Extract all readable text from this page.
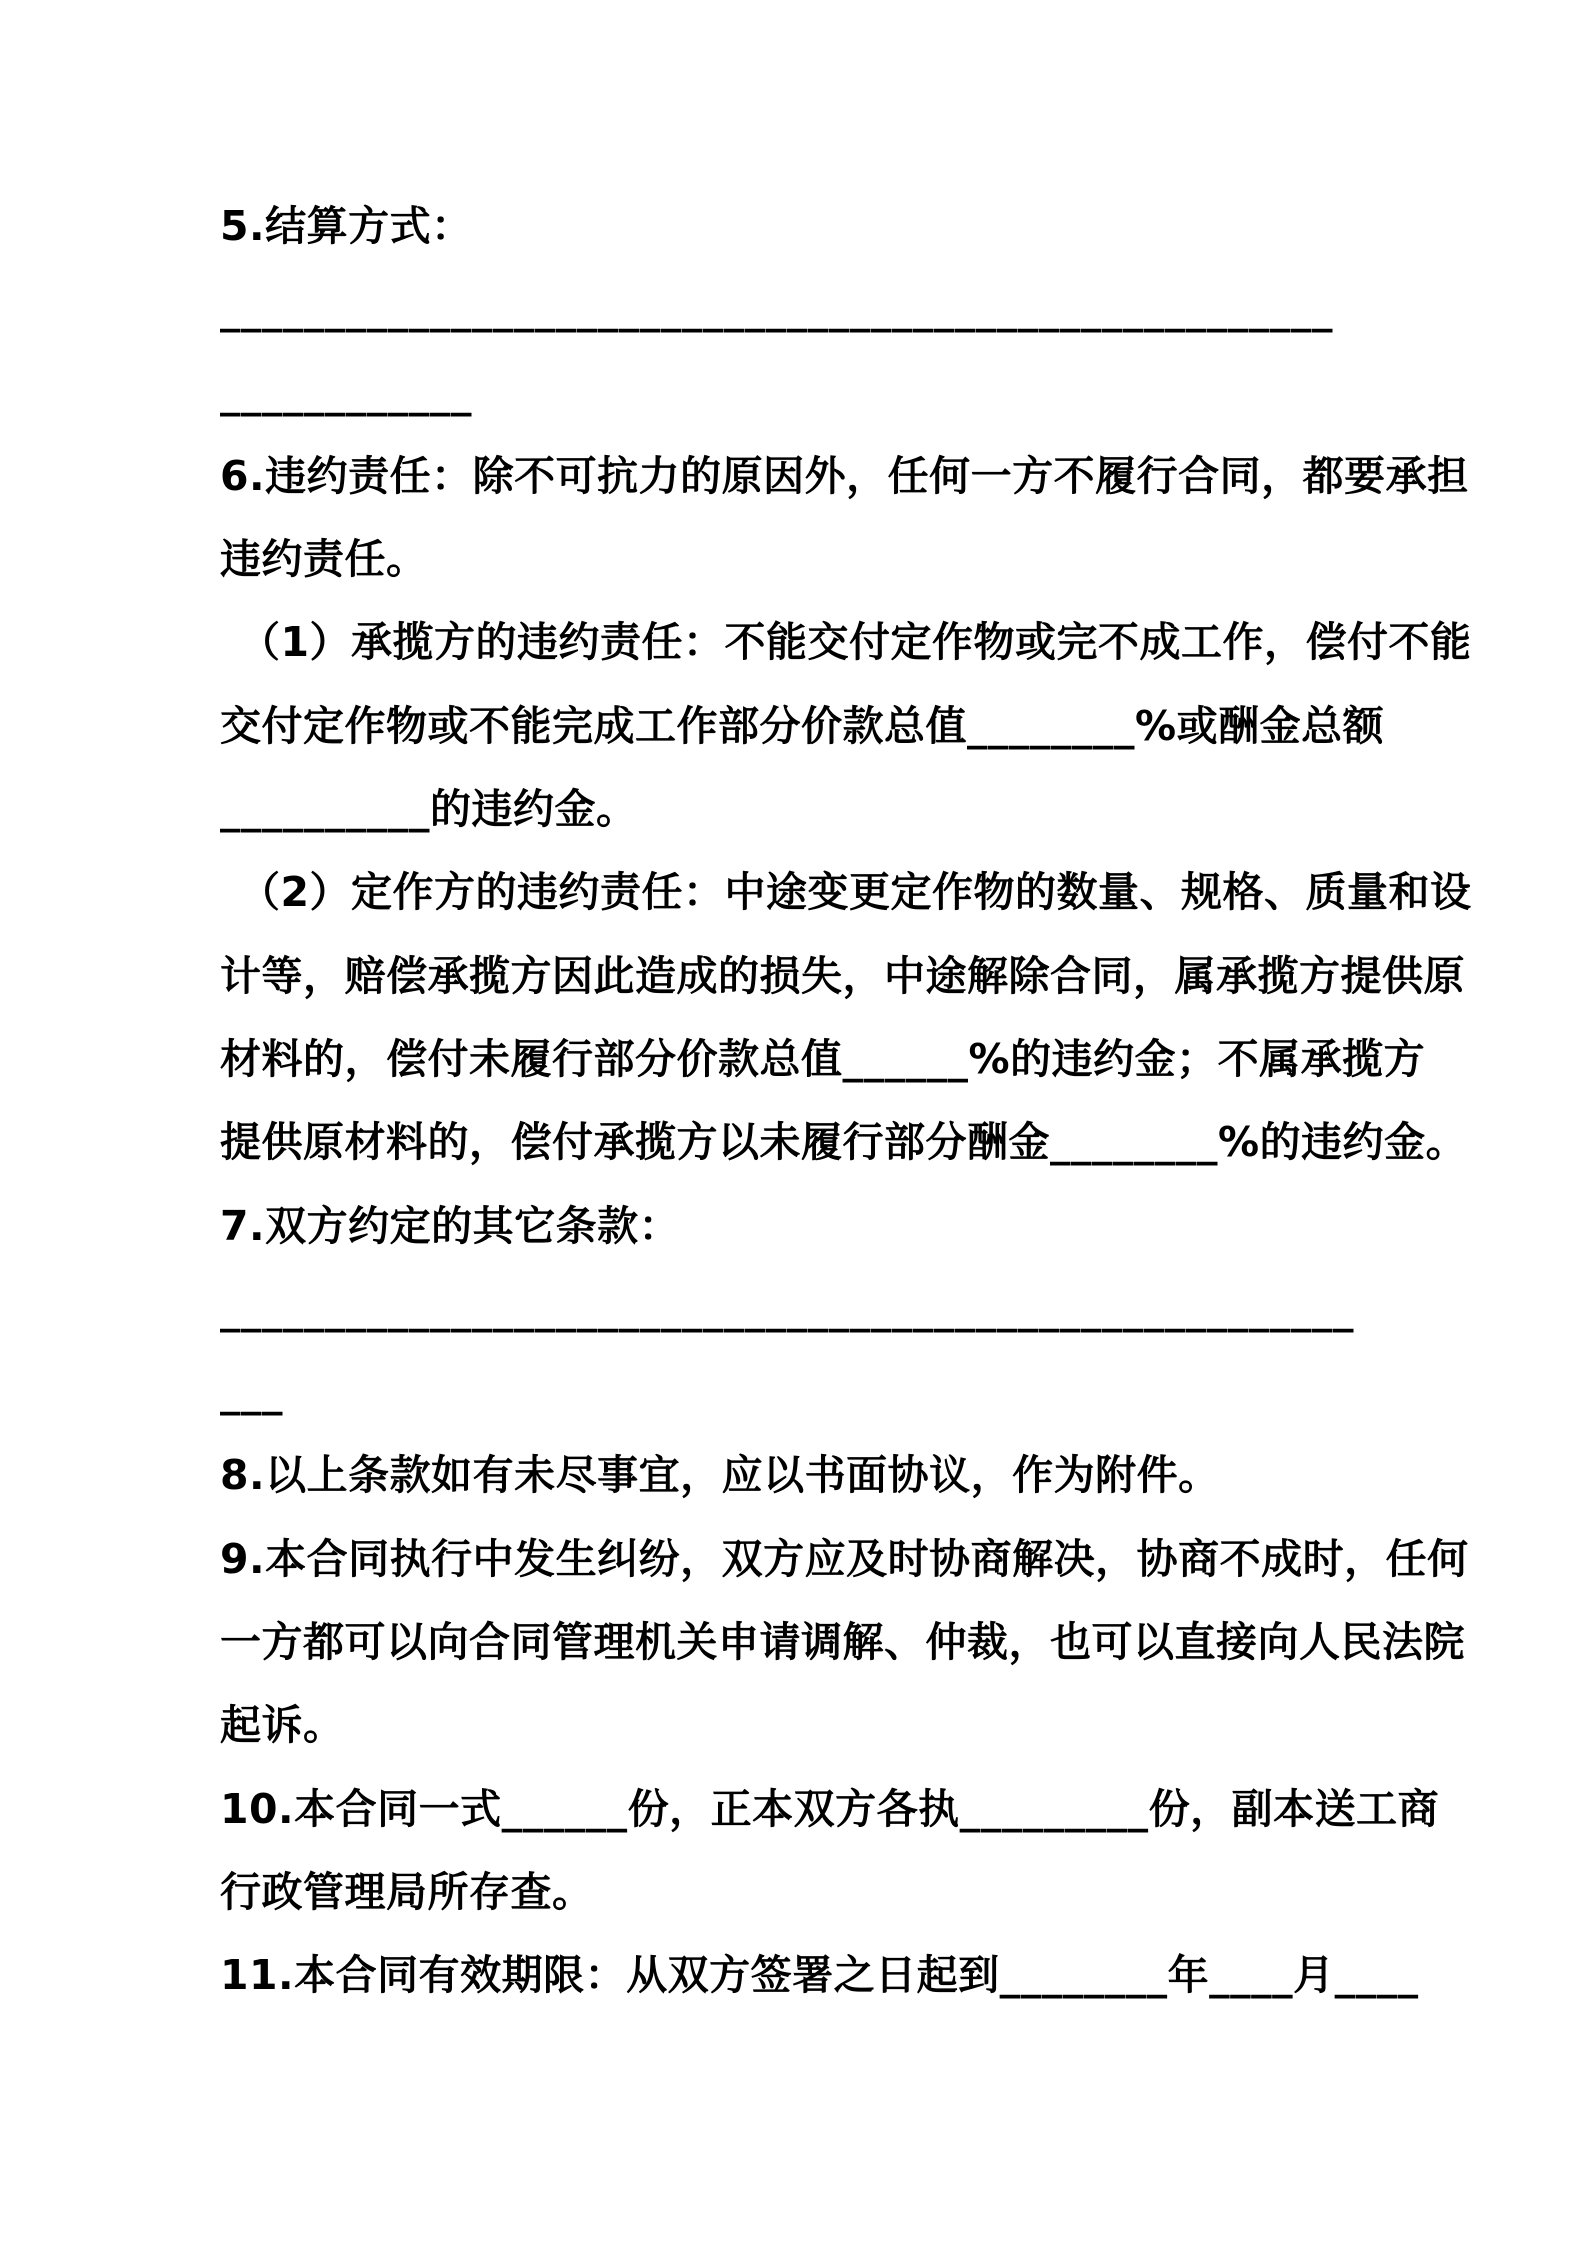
5.结算方式：
_____________________________________________________
____________
6.违约责任：除不可抗力的原因外，任何一方不履行合同，都要承担
违约责任。
（1）承揽方的违约责任：不能交付定作物或完不成工作，偿付不能
交付定作物或不能完成工作部分价款总值________%或酬金总额
__________的违约金。
（2）定作方的违约责任：中途变更定作物的数量、规格、质量和设
计等，赔偿承揽方因此造成的损失，中途解除合同，属承揽方提供原
材料的，偿付未履行部分价款总值______%的违约金；不属承揽方
提供原材料的，偿付承揽方以未履行部分酬金________%的违约金。
7.双方约定的其它条款：
______________________________________________________
___
8.以上条款如有未尽事宜，应以书面协议，作为附件。
9.本合同执行中发生纠纷，双方应及时协商解决，协商不成时，任何
一方都可以向合同管理机关申请调解、仲裁，也可以直接向人民法院
起诉。
10.本合同一式______份，正本双方各执_________份，副本送工商
行政管理局所存查。
11.本合同有效期限：从双方签署之日起到________年____月____
